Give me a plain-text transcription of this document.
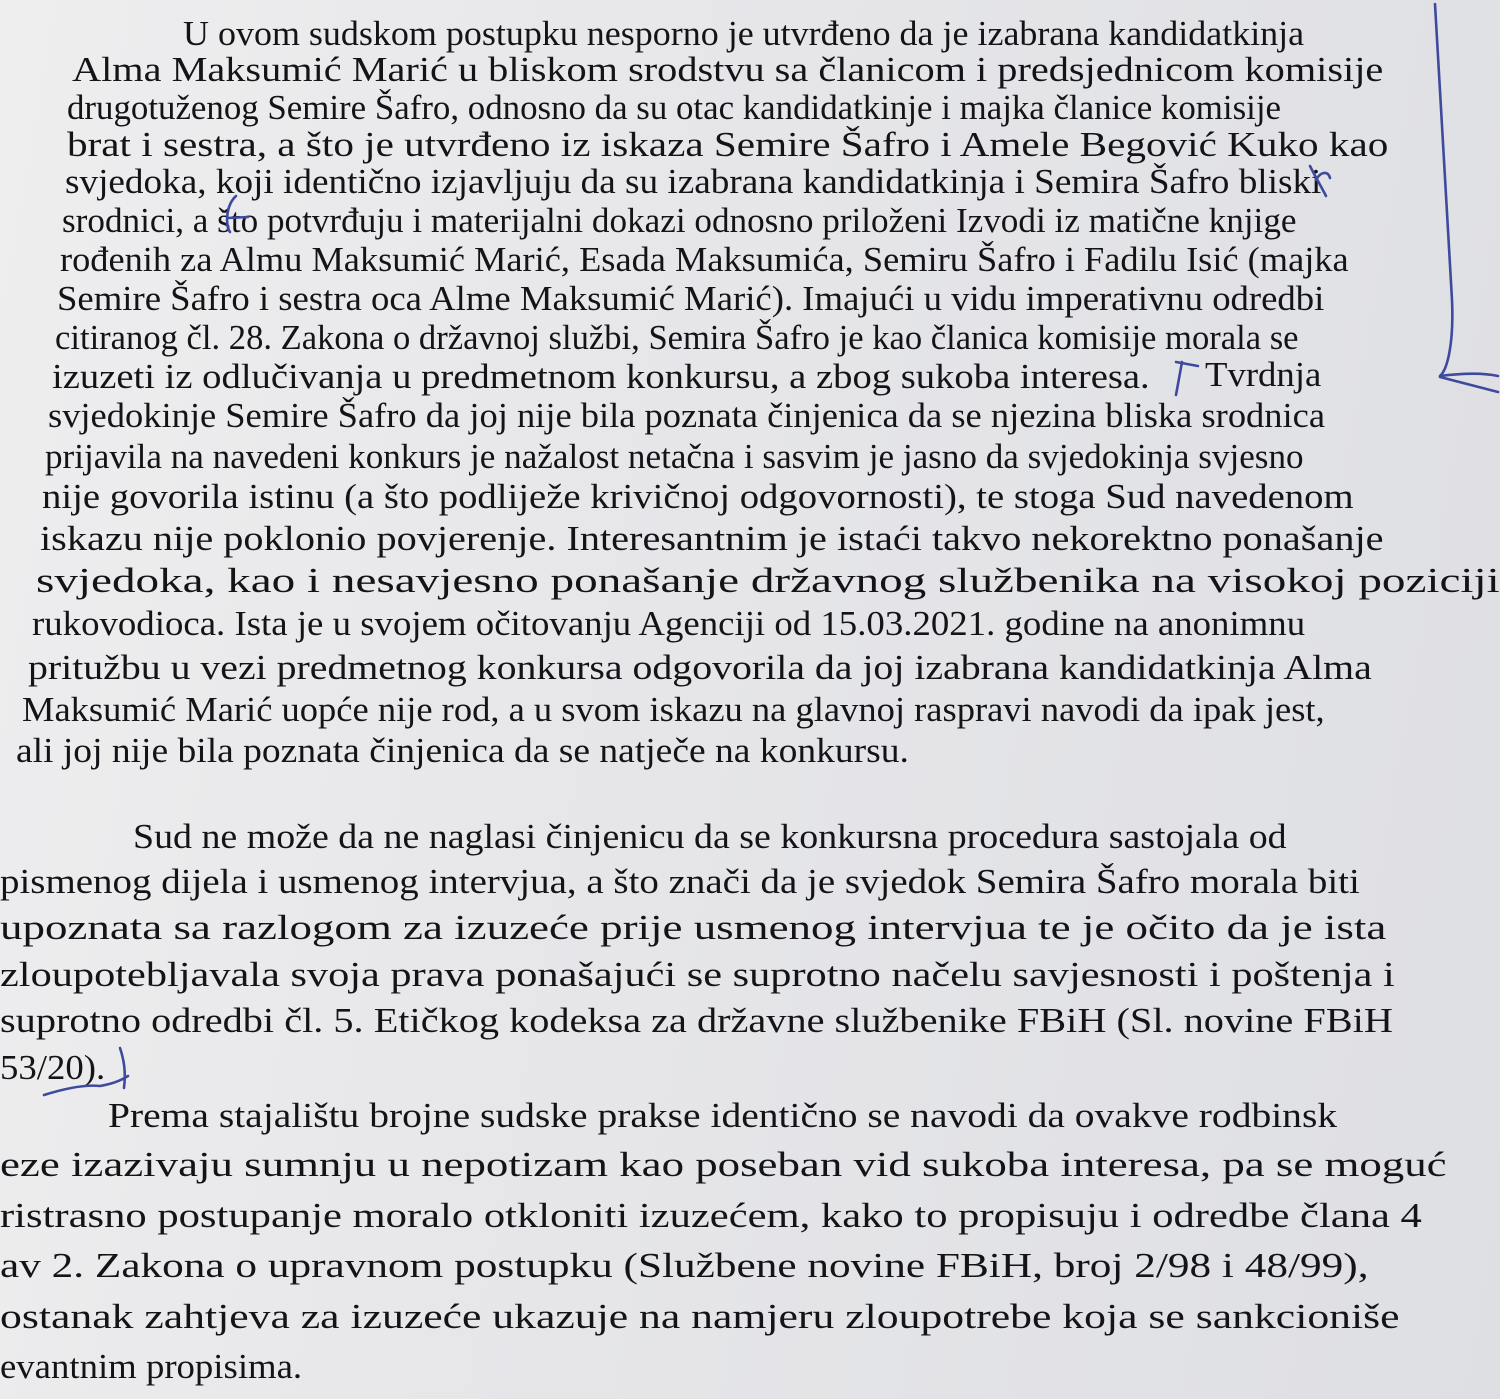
U ovom sudskom postupku nesporno je utvrđeno da je izabrana kandidatkinja
Alma Maksumić Marić u bliskom srodstvu sa članicom i predsjednicom komisije
drugotuženog Semire Šafro, odnosno da su otac kandidatkinje i majka članice komisije
brat i sestra, a što je utvrđeno iz iskaza Semire Šafro i Amele Begović Kuko kao
svjedoka, koji identično izjavljuju da su izabrana kandidatkinja i Semira Šafro bliski
srodnici, a što potvrđuju i materijalni dokazi odnosno priloženi Izvodi iz matične knjige
rođenih za Almu Maksumić Marić, Esada Maksumića, Semiru Šafro i Fadilu Isić (majka
Semire Šafro i sestra oca Alme Maksumić Marić). Imajući u vidu imperativnu odredbi
citiranog čl. 28. Zakona o državnoj službi, Semira Šafro je kao članica komisije morala se
izuzeti iz odlučivanja u predmetnom konkursu, a zbog sukoba interesa. Tvrdnja
svjedokinje Semire Šafro da joj nije bila poznata činjenica da se njezina bliska srodnica
prijavila na navedeni konkurs je nažalost netačna i sasvim je jasno da svjedokinja svjesno
nije govorila istinu (a što podliježe krivičnoj odgovornosti), te stoga Sud navedenom
iskazu nije poklonio povjerenje. Interesantnim je istaći takvo nekorektno ponašanje
svjedoka, kao i nesavjesno ponašanje državnog službenika na visokoj poziciji
rukovodioca. Ista je u svojem očitovanju Agenciji od 15.03.2021. godine na anonimnu
pritužbu u vezi predmetnog konkursa odgovorila da joj izabrana kandidatkinja Alma
Maksumić Marić uopće nije rod, a u svom iskazu na glavnoj raspravi navodi da ipak jest,
ali joj nije bila poznata činjenica da se natječe na konkursu.
Sud ne može da ne naglasi činjenicu da se konkursna procedura sastojala od
pismenog dijela i usmenog intervjua, a što znači da je svjedok Semira Šafro morala biti
upoznata sa razlogom za izuzeće prije usmenog intervjua te je očito da je ista
zloupotebljavala svoja prava ponašajući se suprotno načelu savjesnosti i poštenja i
suprotno odredbi čl. 5. Etičkog kodeksa za državne službenike FBiH (Sl. novine FBiH
53/20).
Prema stajalištu brojne sudske prakse identično se navodi da ovakve rodbinsk
eze izazivaju sumnju u nepotizam kao poseban vid sukoba interesa, pa se moguć
ristrasno postupanje moralo otkloniti izuzećem, kako to propisuju i odredbe člana 4
av 2. Zakona o upravnom postupku (Službene novine FBiH, broj 2/98 i 48/99),
ostanak zahtjeva za izuzeće ukazuje na namjeru zloupotrebe koja se sankcioniše
evantnim propisima.
